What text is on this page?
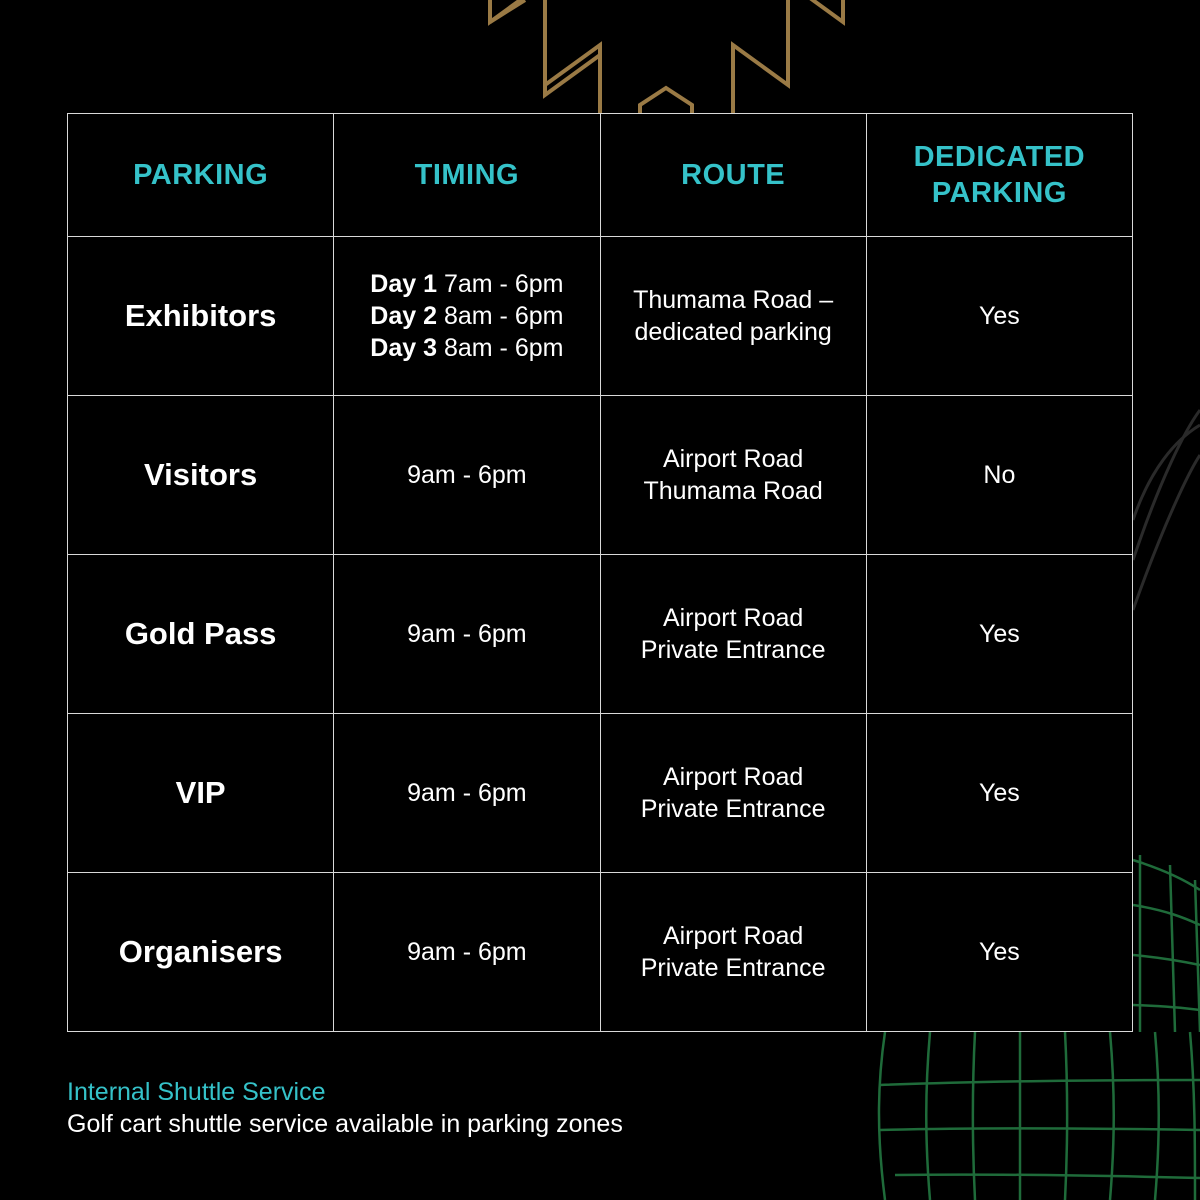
PARKING	TIMING	ROUTE	DEDICATED PARKING
Exhibitors	Day 1 7am - 6pm
Day 2 8am - 6pm
Day 3 8am - 6pm	Thumama Road –
dedicated parking	Yes
Visitors	9am - 6pm	Airport Road
Thumama Road	No
Gold Pass	9am - 6pm	Airport Road
Private Entrance	Yes
VIP	9am - 6pm	Airport Road
Private Entrance	Yes
Organisers	9am - 6pm	Airport Road
Private Entrance	Yes
Internal Shuttle Service
Golf cart shuttle service available in parking zones
